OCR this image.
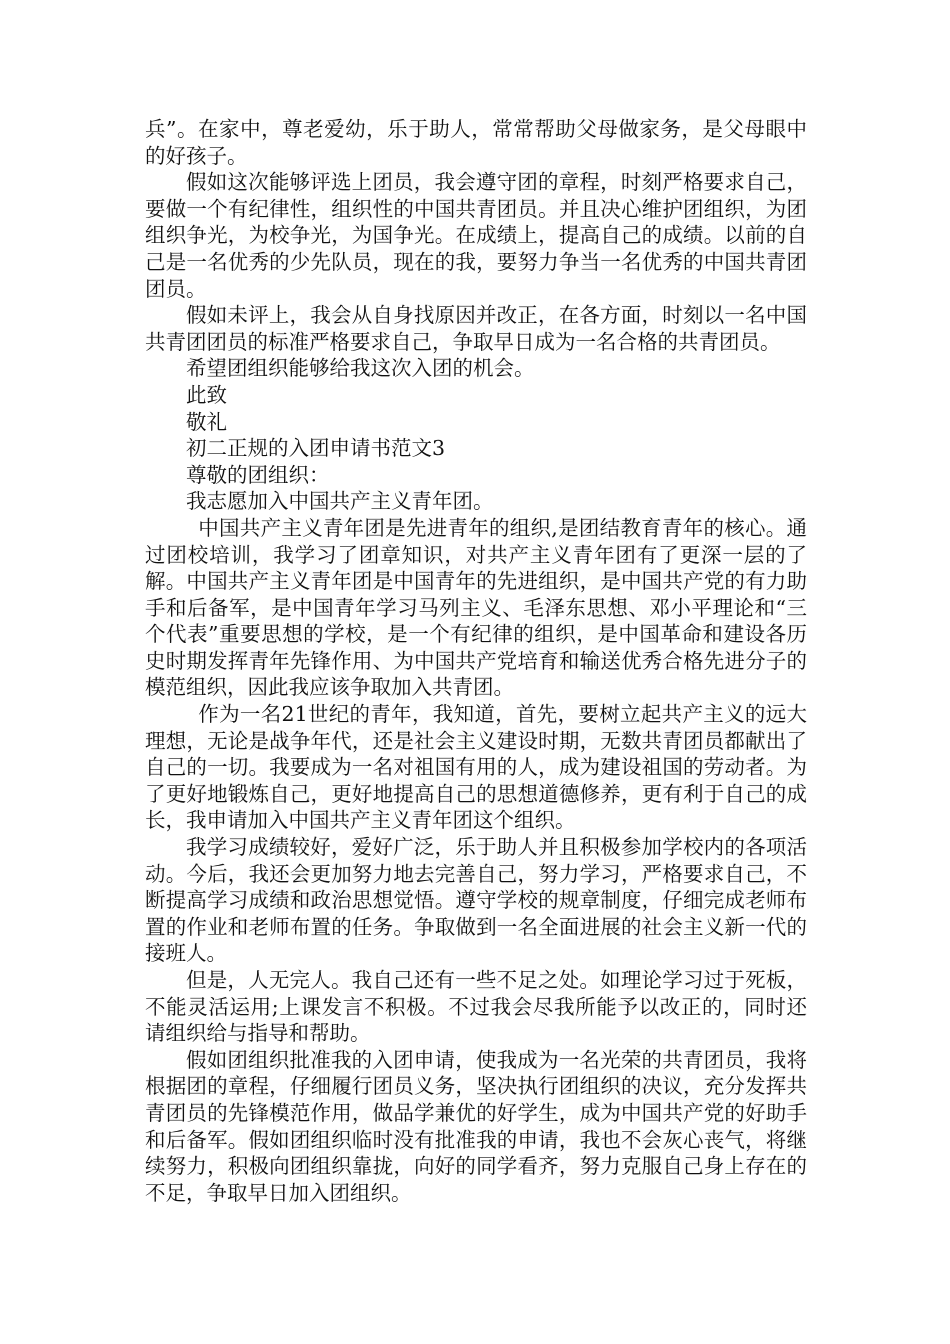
兵”。在家中，尊老爱幼，乐于助人，常常帮助父母做家务，是父母眼中的好孩子。

假如这次能够评选上团员，我会遵守团的章程，时刻严格要求自己，要做一个有纪律性，组织性的中国共青团员。并且决心维护团组织，为团组织争光，为校争光，为国争光。在成绩上，提高自己的成绩。以前的自己是一名优秀的少先队员，现在的我，要努力争当一名优秀的中国共青团团员。

假如未评上，我会从自身找原因并改正，在各方面，时刻以一名中国共青团团员的标准严格要求自己，争取早日成为一名合格的共青团员。

希望团组织能够给我这次入团的机会。

此致

敬礼

初二正规的入团申请书范文3

尊敬的团组织：

我志愿加入中国共产主义青年团。

中国共产主义青年团是先进青年的组织,是团结教育青年的核心。通过团校培训，我学习了团章知识，对共产主义青年团有了更深一层的了解。中国共产主义青年团是中国青年的先进组织，是中国共产党的有力助手和后备军，是中国青年学习马列主义、毛泽东思想、邓小平理论和“三个代表”重要思想的学校，是一个有纪律的组织，是中国革命和建设各历史时期发挥青年先锋作用、为中国共产党培育和输送优秀合格先进分子的模范组织，因此我应该争取加入共青团。

作为一名21世纪的青年，我知道，首先，要树立起共产主义的远大理想，无论是战争年代，还是社会主义建设时期，无数共青团员都献出了自己的一切。我要成为一名对祖国有用的人，成为建设祖国的劳动者。为了更好地锻炼自己，更好地提高自己的思想道德修养，更有利于自己的成长，我申请加入中国共产主义青年团这个组织。

我学习成绩较好，爱好广泛，乐于助人并且积极参加学校内的各项活动。今后，我还会更加努力地去完善自己，努力学习，严格要求自己，不断提高学习成绩和政治思想觉悟。遵守学校的规章制度，仔细完成老师布置的作业和老师布置的任务。争取做到一名全面进展的社会主义新一代的接班人。

但是，人无完人。我自己还有一些不足之处。如理论学习过于死板，不能灵活运用;上课发言不积极。不过我会尽我所能予以改正的，同时还请组织给与指导和帮助。

假如团组织批准我的入团申请，使我成为一名光荣的共青团员，我将根据团的章程，仔细履行团员义务，坚决执行团组织的决议，充分发挥共青团员的先锋模范作用，做品学兼优的好学生，成为中国共产党的好助手和后备军。假如团组织临时没有批准我的申请，我也不会灰心丧气，将继续努力，积极向团组织靠拢，向好的同学看齐，努力克服自己身上存在的不足，争取早日加入团组织。
